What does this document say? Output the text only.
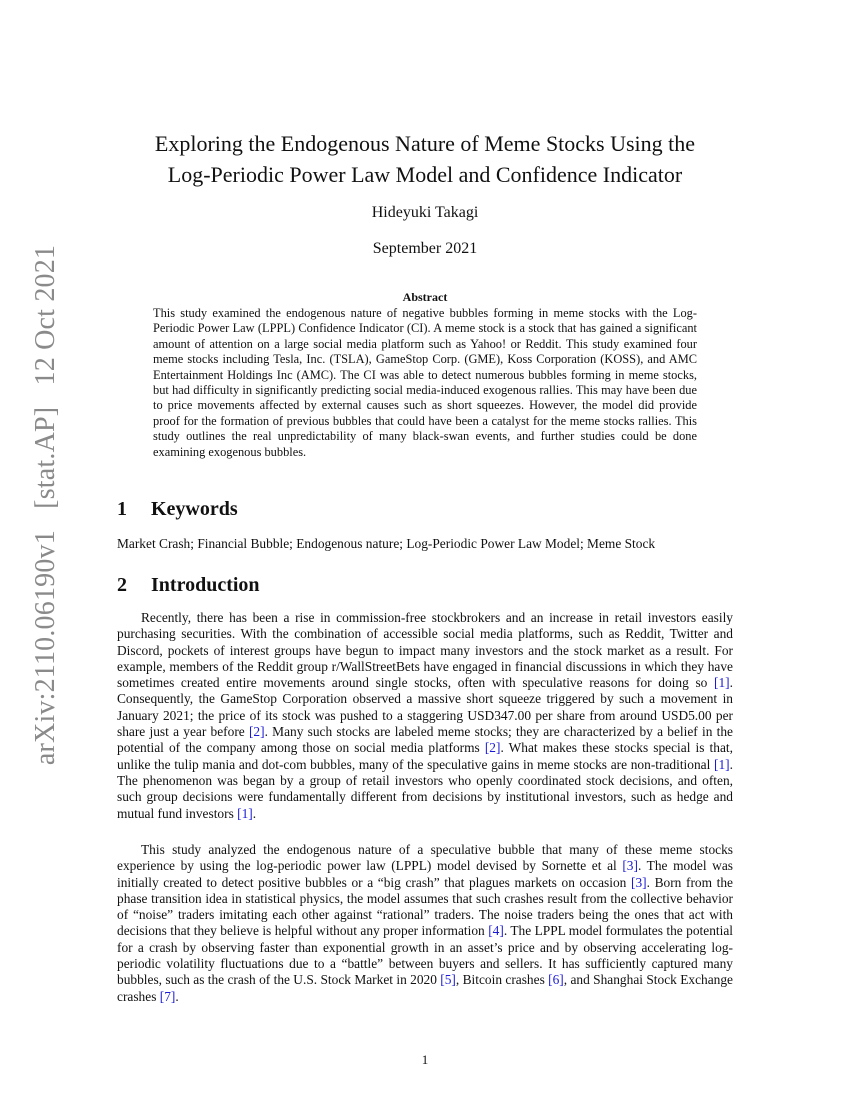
arXiv:2110.06190v1 [stat.AP] 12 Oct 2021
Exploring the Endogenous Nature of Meme Stocks Using the
Log-Periodic Power Law Model and Confidence Indicator
Hideyuki Takagi
September 2021
Abstract

This study examined the endogenous nature of negative bubbles forming in meme stocks with the Log-Periodic Power Law (LPPL) Confidence Indicator (CI). A meme stock is a stock that has gained a significant amount of attention on a large social media platform such as Yahoo! or Reddit. This study examined four meme stocks including Tesla, Inc. (TSLA), GameStop Corp. (GME), Koss Corporation (KOSS), and AMC Entertainment Holdings Inc (AMC). The CI was able to detect numerous bubbles forming in meme stocks, but had difficulty in significantly predicting social media-induced exogenous rallies. This may have been due to price movements affected by external causes such as short squeezes. However, the model did provide proof for the formation of previous bubbles that could have been a catalyst for the meme stocks rallies. This study outlines the real unpredictability of many black-swan events, and further studies could be done examining exogenous bubbles.

1 Keywords

Market Crash; Financial Bubble; Endogenous nature; Log-Periodic Power Law Model; Meme Stock

2 Introduction

Recently, there has been a rise in commission-free stockbrokers and an increase in retail investors easily purchasing securities. With the combination of accessible social media platforms, such as Reddit, Twitter and Discord, pockets of interest groups have begun to impact many investors and the stock market as a result. For example, members of the Reddit group r/WallStreetBets have engaged in financial discussions in which they have sometimes created entire movements around single stocks, often with speculative reasons for doing so [1]. Consequently, the GameStop Corporation observed a massive short squeeze triggered by such a movement in January 2021; the price of its stock was pushed to a staggering USD347.00 per share from around USD5.00 per share just a year before [2]. Many such stocks are labeled meme stocks; they are characterized by a belief in the potential of the company among those on social media platforms [2]. What makes these stocks special is that, unlike the tulip mania and dot-com bubbles, many of the speculative gains in meme stocks are non-traditional [1]. The phenomenon was began by a group of retail investors who openly coordinated stock decisions, and often, such group decisions were fundamentally different from decisions by institutional investors, such as hedge and mutual fund investors [1].

This study analyzed the endogenous nature of a speculative bubble that many of these meme stocks experience by using the log-periodic power law (LPPL) model devised by Sornette et al [3]. The model was initially created to detect positive bubbles or a “big crash” that plagues markets on occasion [3]. Born from the phase transition idea in statistical physics, the model assumes that such crashes result from the collective behavior of “noise” traders imitating each other against “rational” traders. The noise traders being the ones that act with decisions that they believe is helpful without any proper information [4]. The LPPL model formulates the potential for a crash by observing faster than exponential growth in an asset’s price and by observing accelerating log-periodic volatility fluctuations due to a “battle” between buyers and sellers. It has sufficiently captured many bubbles, such as the crash of the U.S. Stock Market in 2020 [5], Bitcoin crashes [6], and Shanghai Stock Exchange crashes [7].

1
